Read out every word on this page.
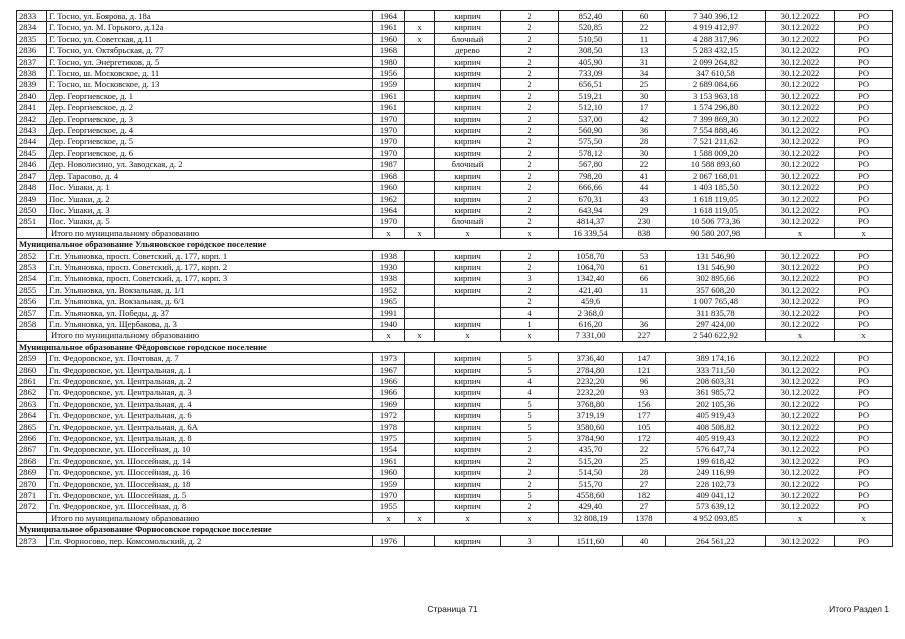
2833	Г. Тосно, ул. Боярова, д. 18а	1964		кирпич	2	852,40	60	7 340 396,12	30.12.2022	РО
2834	Г. Тосно, ул. М. Горького, д.12а	1961	х	кирпич	2	520,85	22	4 919 412,97	30.12.2022	РО
2835	Г. Тосно, ул. Советская, д.11	1960	х	блочный	2	510,50	11	4 288 317,96	30.12.2022	РО
2836	Г. Тосно, ул. Октябрьская, д. 77	1968		дерево	2	308,50	13	5 283 432,15	30.12.2022	РО
2837	Г. Тосно, ул. Энергетиков, д. 5	1980		кирпич	2	405,90	31	2 099 264,82	30.12.2022	РО
2838	Г. Тосно, ш. Московское, д. 11	1956		кирпич	2	733,09	34	347 610,58	30.12.2022	РО
2839	Г. Тосно, ш. Московское, д. 13	1959		кирпич	2	656,51	25	2 689 084,66	30.12.2022	РО
2840	Дер. Георгиевское, д. 1	1961		кирпич	2	519,21	30	3 153 963,18	30.12.2022	РО
2841	Дер. Георгиевское, д. 2	1961		кирпич	2	512,10	17	1 574 296,80	30.12.2022	РО
2842	Дер. Георгиевское, д. 3	1970		кирпич	2	537,00	42	7 399 869,30	30.12.2022	РО
2843	Дер. Георгиевское, д. 4	1970		кирпич	2	560,90	36	7 554 888,46	30.12.2022	РО
2844	Дер. Георгиевское, д. 5	1970		кирпич	2	575,50	28	7 521 211,62	30.12.2022	РО
2845	Дер. Георгиевское, д. 6	1970		кирпич	2	578,12	30	1 588 009,20	30.12.2022	РО
2846	Дер. Новолисино, ул. Заводская, д. 2	1987		блочный	2	567,80	22	10 588 893,60	30.12.2022	РО
2847	Дер. Тарасово, д. 4	1968		кирпич	2	798,20	41	2 067 168,01	30.12.2022	РО
2848	Пос. Ушаки, д. 1	1960		кирпич	2	666,66	44	1 403 185,50	30.12.2022	РО
2849	Пос. Ушаки, д. 2	1962		кирпич	2	670,31	43	1 618 119,05	30.12.2022	РО
2850	Пос. Ушаки, д. 3	1964		кирпич	2	643,94	29	1 618 119,05	30.12.2022	РО
2851	Пос. Ушаки, д. 5	1970		блочный	2	4814,37	230	10 506 773,36	30.12.2022	РО
	Итого по муниципальному образованию	х	х	х	х	16 339,54	838	90 580 207,98	х	х
Муниципальное образование Ульяновское городское поселение										
2852	Г.п. Ульяновка, просп. Советский, д. 177, корп. 1	1938		кирпич	2	1058,70	53	131 546,90	30.12.2022	РО
2853	Г.п. Ульяновка, просп. Советский, д. 177, корп. 2	1930		кирпич	2	1064,70	61	131 546,90	30.12.2022	РО
2854	Г.п. Ульяновка, просп. Советский, д. 177, корп. 3	1938		кирпич	3	1342,40	66	302 895,66	30.12.2022	РО
2855	Г.п. Ульяновка, ул. Вокзальная, д. 1/1	1952		кирпич	2	421,40	11	357 608,20	30.12.2022	РО
2856	Г.п. Ульяновка, ул. Вокзальная, д. 6/1	1965			2	459,6		1 007 765,48	30.12.2022	РО
2857	Г.п. Ульяновка, ул. Победы, д. 37	1991			4	2 368,0		311 835,78	30.12.2022	РО
2858	Г.п. Ульяновка, ул. Щербакова, д. 3	1940		кирпич	1	616,20	36	297 424,00	30.12.2022	РО
	Итого по муниципальному образованию	х	х	х	х	7 331,00	227	2 540 622,92	х	х
Муниципальное образование Фёдоровское городское поселение										
2859	Гп. Федоровское, ул. Почтовая, д. 7	1973		кирпич	5	3736,40	147	389 174,16	30.12.2022	РО
2860	Гп. Федоровское, ул. Центральная, д. 1	1967		кирпич	5	2784,80	121	333 711,50	30.12.2022	РО
2861	Гп. Федоровское, ул. Центральная, д. 2	1966		кирпич	4	2232,20	96	208 603,31	30.12.2022	РО
2862	Гп. Федоровское, ул. Центральная, д. 3	1966		кирпич	4	2232,20	93	361 985,72	30.12.2022	РО
2863	Гп. Федоровское, ул. Центральная, д. 4	1969		кирпич	5	3768,80	156	202 105,36	30.12.2022	РО
2864	Гп. Федоровское, ул. Центральная, д. 6	1972		кирпич	5	3719,19	177	405 919,43	30.12.2022	РО
2865	Гп. Федоровское, ул. Центральная, д. 6А	1978		кирпич	5	3580,60	105	408 508,82	30.12.2022	РО
2866	Гп. Федоровское, ул. Центральная, д. 8	1975		кирпич	5	3784,90	172	405 919,43	30.12.2022	РО
2867	Гп. Федоровское, ул. Шоссейная, д. 10	1954		кирпич	2	435,70	22	576 647,74	30.12.2022	РО
2868	Гп. Федоровское, ул. Шоссейная, д. 14	1961		кирпич	2	515,20	25	199 618,42	30.12.2022	РО
2869	Гп. Федоровское, ул. Шоссейная, д. 16	1960		кирпич	2	514,50	28	249 116,99	30.12.2022	РО
2870	Гп. Федоровское, ул. Шоссейная, д. 18	1959		кирпич	2	515,70	27	228 102,73	30.12.2022	РО
2871	Гп. Федоровское, ул. Шоссейная, д. 5	1970		кирпич	5	4558,60	182	409 041,12	30.12.2022	РО
2872	Гп. Федоровское, ул. Шоссейная, д. 8	1955		кирпич	2	429,40	27	573 639,12	30.12.2022	РО
	Итого по муниципальному образованию	х	х	х	х	32 808,19	1378	4 952 093,85	х	х
Муниципальное образование Форносовское городское поселение										
2873	Г.п. Форносово, пер. Комсомольский, д. 2	1976		кирпич	3	1511,60	40	264 561,22	30.12.2022	РО
Страница 71	Итого Раздел 1
